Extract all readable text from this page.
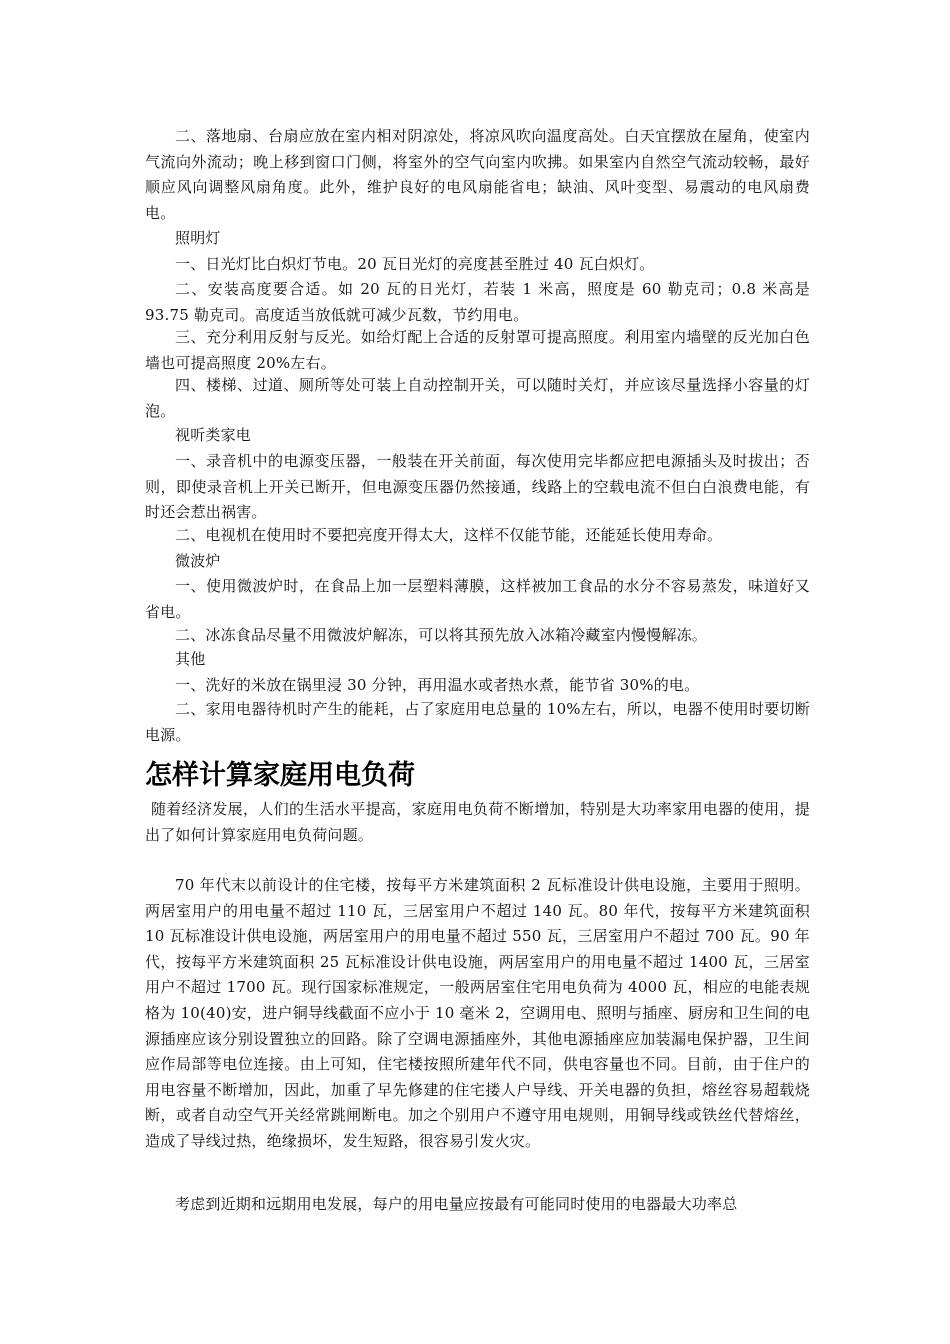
二、落地扇、台扇应放在室内相对阴凉处，将凉风吹向温度高处。白天宜摆放在屋角，使室内气流向外流动；晚上移到窗口门侧，将室外的空气向室内吹拂。如果室内自然空气流动较畅，最好顺应风向调整风扇角度。此外，维护良好的电风扇能省电；缺油、风叶变型、易震动的电风扇费电。

照明灯

一、日光灯比白炽灯节电。20 瓦日光灯的亮度甚至胜过 40 瓦白炽灯。

二、安装高度要合适。如 20 瓦的日光灯，若装 1 米高，照度是 60 勒克司；0.8 米高是 93.75 勒克司。高度适当放低就可减少瓦数，节约用电。

三、充分利用反射与反光。如给灯配上合适的反射罩可提高照度。利用室内墙壁的反光加白色墙也可提高照度 20%左右。

四、楼梯、过道、厕所等处可装上自动控制开关，可以随时关灯，并应该尽量选择小容量的灯泡。

视听类家电

一、录音机中的电源变压器，一般装在开关前面，每次使用完毕都应把电源插头及时拔出；否则，即使录音机上开关已断开，但电源变压器仍然接通，线路上的空载电流不但白白浪费电能，有时还会惹出祸害。

二、电视机在使用时不要把亮度开得太大，这样不仅能节能，还能延长使用寿命。

微波炉

一、使用微波炉时，在食品上加一层塑料薄膜，这样被加工食品的水分不容易蒸发，味道好又省电。

二、冰冻食品尽量不用微波炉解冻，可以将其预先放入冰箱冷藏室内慢慢解冻。

其他

一、洗好的米放在锅里浸 30 分钟，再用温水或者热水煮，能节省 30%的电。

二、家用电器待机时产生的能耗，占了家庭用电总量的 10%左右，所以，电器不使用时要切断电源。

怎样计算家庭用电负荷

随着经济发展，人们的生活水平提高，家庭用电负荷不断增加，特别是大功率家用电器的使用，提出了如何计算家庭用电负荷问题。

70 年代末以前设计的住宅楼，按每平方米建筑面积 2 瓦标准设计供电设施，主要用于照明。两居室用户的用电量不超过 110 瓦，三居室用户不超过 140 瓦。80 年代，按每平方米建筑面积 10 瓦标准设计供电设施，两居室用户的用电量不超过 550 瓦，三居室用户不超过 700 瓦。90 年代，按每平方米建筑面积 25 瓦标准设计供电设施，两居室用户的用电量不超过 1400 瓦，三居室用户不超过 1700 瓦。现行国家标准规定，一般两居室住宅用电负荷为 4000 瓦，相应的电能表规格为 10(40)安，进户铜导线截面不应小于 10 毫米 2，空调用电、照明与插座、厨房和卫生间的电源插座应该分别设置独立的回路。除了空调电源插座外，其他电源插座应加装漏电保护器，卫生间应作局部等电位连接。由上可知，住宅楼按照所建年代不同，供电容量也不同。目前，由于住户的用电容量不断增加，因此，加重了早先修建的住宅搂人户导线、开关电器的负担，熔丝容易超载烧断，或者自动空气开关经常跳闸断电。加之个别用户不遵守用电规则，用铜导线或铁丝代替熔丝，造成了导线过热，绝缘损坏，发生短路，很容易引发火灾。

考虑到近期和远期用电发展，每户的用电量应按最有可能同时使用的电器最大功率总
